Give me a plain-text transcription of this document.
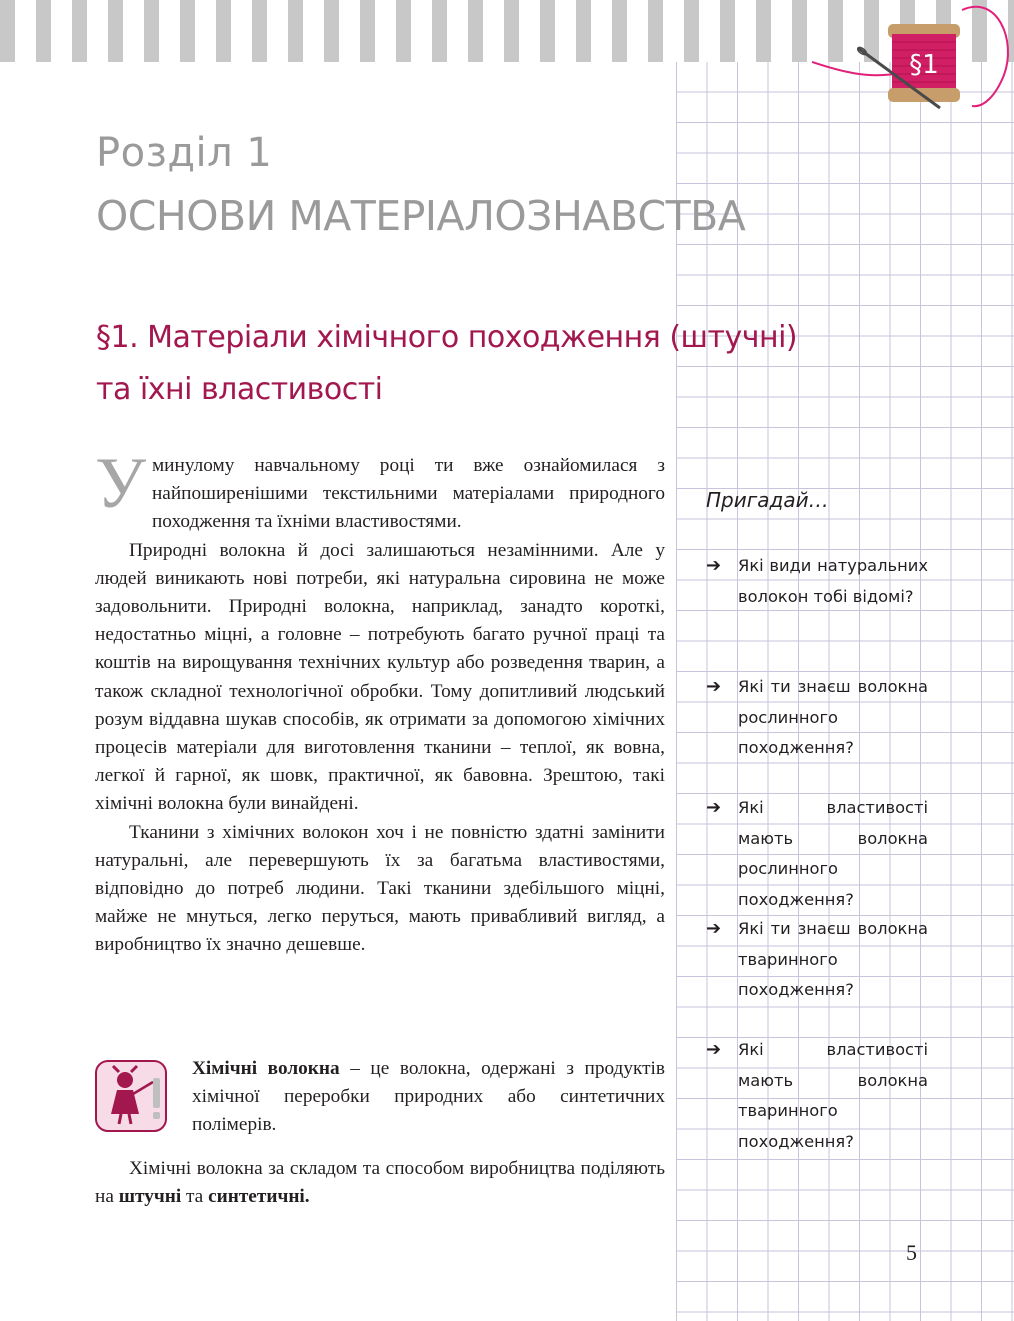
§1
Розділ 1
ОСНОВИ МАТЕРІАЛОЗНАВСТВА
§1. Матеріали хімічного походження (штучні)
та їхні властивості

Уминулому навчальному році ти вже ознайомилася з найпоширенішими текстильними матеріалами природного походження та їхніми властивостями.

Природні волокна й досі залишаються незамінними. Але у людей виникають нові потреби, які натуральна сировина не може задовольнити. Природні волокна, наприклад, занадто короткі, недостатньо міцні, а головне – потребують багато ручної праці та коштів на вирощування технічних культур або розведення тварин, а також складної технологічної обробки. Тому допитливий людський розум віддавна шукав способів, як отримати за допомогою хімічних процесів матеріали для виготовлення тканини – теплої, як вовна, легкої й гарної, як шовк, практичної, як бавовна. Зрештою, такі хімічні волокна були винайдені.

Тканини з хімічних волокон хоч і не повністю здатні замінити натуральні, але перевершують їх за багатьма властивостями, відповідно до потреб людини. Такі тканини здебільшого міцні, майже не мнуться, легко перуться, мають привабливий вигляд, а виробництво їх значно дешевше.

Хімічні волокна – це волокна, одержані з продуктів хімічної переробки природних або синтетичних полімерів.
Хімічні волокна за складом та способом виробництва поділяють на штучні та синтетичні.
Пригадай…
➔ Які види натуральних волокон тобі відомі?
➔ Які ти знаєш волокна рослинного походження?
➔ Які властивості мають волокна рослинного походження?
➔ Які ти знаєш волокна тваринного походження?
➔ Які властивості мають волокна тваринного походження?
5
